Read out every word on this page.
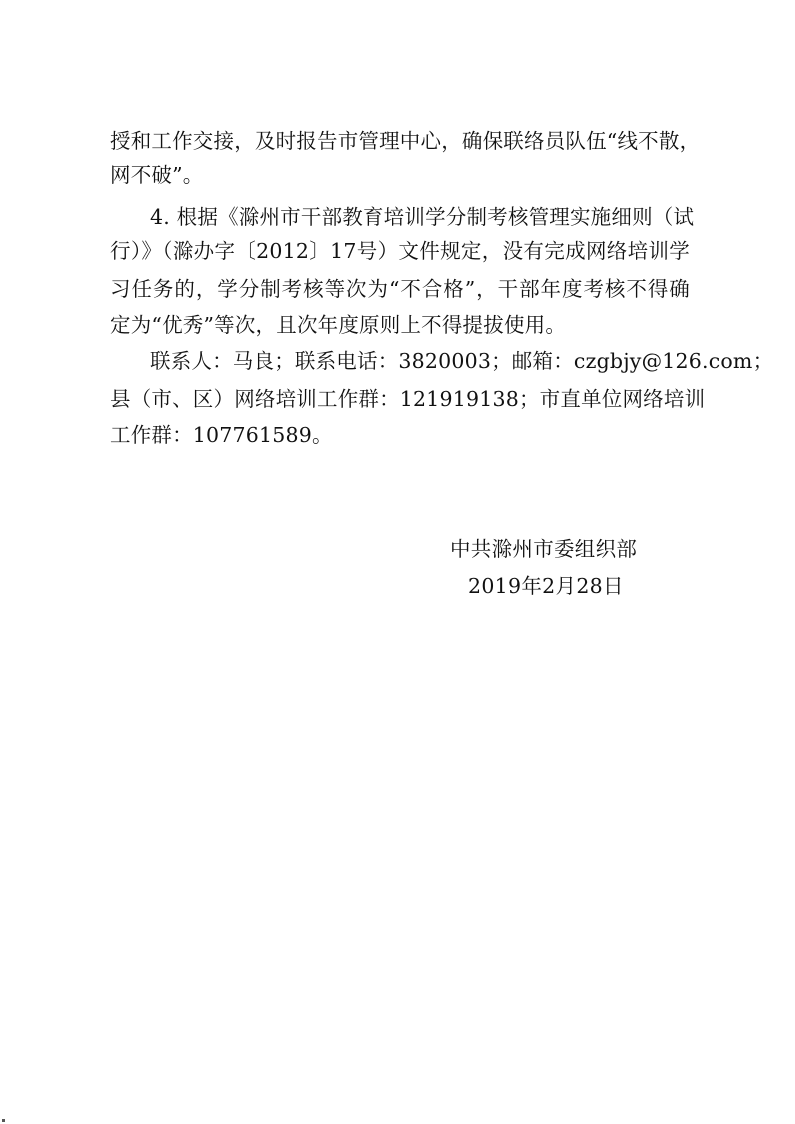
授和工作交接，及时报告市管理中心，确保联络员队伍“线不散，
网不破”。
4. 根据《滁州市干部教育培训学分制考核管理实施细则（试
行）》（滁办字〔2012〕17号）文件规定，没有完成网络培训学
习任务的，学分制考核等次为“不合格”，干部年度考核不得确
定为“优秀”等次，且次年度原则上不得提拔使用。
联系人：马良；联系电话：3820003；邮箱：czgbjy@126.com；
县（市、区）网络培训工作群：121919138；市直单位网络培训
工作群：107761589。
中共滁州市委组织部
2019年2月28日
